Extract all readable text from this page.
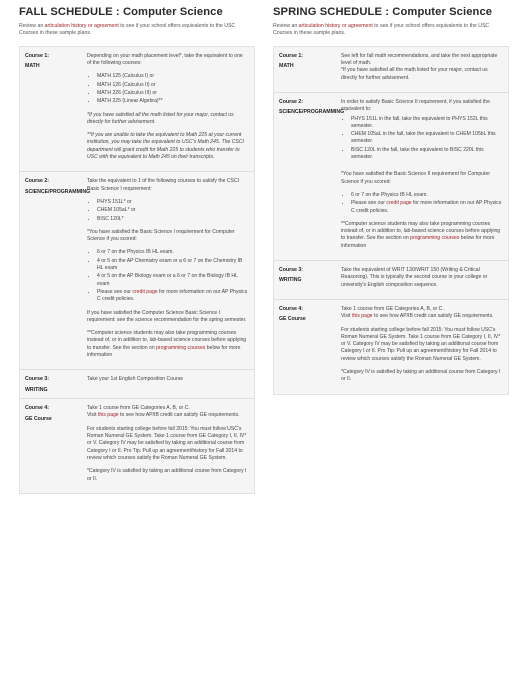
FALL SCHEDULE : Computer Science

Review an articulation history or agreement to see if your school offers equivalents to the USC Courses in these sample plans.

Course 1:
MATH

Depending on your math placement level*, take the equivalent to one of the following courses:

• MATH 125 (Calculus I) or
• MATH 126 (Calculus II) or
• MATH 226 (Calculus III) or
• MATH 225 (Linear Algebra)**

*If you have satisfied all the math listed for your major, contact us directly for further advisement.

**If you are unable to take the equivalent to Math 225 at your current institution, you may take the equivalent to USC's Math 245. The CSCI department will grant credit for Math 225 to students who transfer to USC with the equivalent to Math 245 on their transcripts.

Course 2:
SCIENCE/PROGRAMMING

Take the equivalent to 1 of the following courses to satisfy the CSCI Basic Science I requirement:

• PHYS 151L* or
• CHEM 105aL* or
• BISC 120L*

*You have satisfied the Basic Science I requirement for Computer Science if you scored:

• 6 or 7 on the Physics IB HL exam.
• 4 or 5 on the AP Chemistry exam or a 6 or 7 on the Chemistry IB HL exam
• 4 or 5 on the AP Biology exam or a 6 or 7 on the Biology IB HL exam
• Please see our credit page for more information on our AP Physics C credit policies.

If you have satisfied the Computer Science Basic Science I requirement: see the science recommendation for the spring semester.

**Computer science students may also take programming courses instead of, or in addition to, lab-based science courses before applying to transfer. See the section on programming courses below for more information

Course 3:
WRITING

Take your 1st English Composition Course

Course 4:
GE Course

Take 1 course from GE Categories A, B, or C.

Visit this page to see how AP/IB credit can satisfy GE requirements.

For students starting college before fall 2015: You must follow USC's Roman Numeral GE System. Take 1 course from GE Category I, II, IV* or V. Category IV may be satisfied by taking an additional course from Category I or II. Pro Tip: Pull up an agreement/history for Fall 2014 to review which courses satisfy the Roman Numeral GE System.

*Category IV is satisfied by taking an additional course from Category I or II.

SPRING SCHEDULE : Computer Science

Review an articulation history or agreement to see if your school offers equivalents to the USC Courses in these sample plans.

Course 1:
MATH

See left for fall math recommendations, and take the next appropriate level of math.

*If you have satisfied all the math listed for your major, contact us directly for further advisement.

Course 2:
SCIENCE/PROGRAMMING

In order to satisfy Basic Science II requirement, if you satisfied the equivalent to:

• PHYS 151L in the fall, take the equivalent to PHYS 152L this semester.
• CHEM 105aL in the fall, take the equivalent to CHEM 105bL this semester.
• BISC 120L in the fall, take the equivalent to BISC 220L this semester.

*You have satisfied the Basic Science II requirement for Computer Science if you scored:

• 6 or 7 on the Physics IB HL exam.
• Please see our credit page for more information on our AP Physics C credit policies.

**Computer science students may also take programming courses instead of, or in addition to, lab-based science courses before applying to transfer. See the section on programming courses below for more information

Course 3:
WRITING

Take the equivalent of WRIT 130/WRIT 150 (Writing & Critical Reasoning). This is typically the second course in your college or university's English composition sequence.

Course 4:
GE Course

Take 1 course from GE Categories A, B, or C.

Visit this page to see how AP/IB credit can satisfy GE requirements.

For students starting college before fall 2015: You must follow USC's Roman Numeral GE System. Take 1 course from GE Category I, II, IV* or V. Category IV may be satisfied by taking an additional course from Category I or II. Pro Tip: Pull up an agreement/history for Fall 2014 to review which courses satisfy the Roman Numeral GE System.

*Category IV is satisfied by taking an additional course from Category I or II.
